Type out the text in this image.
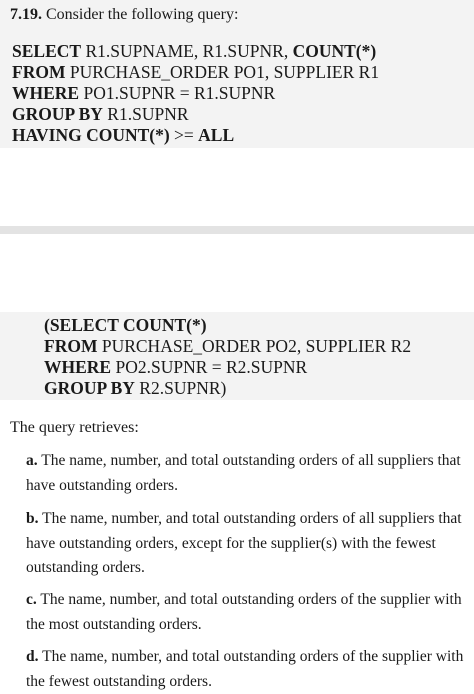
7.19. Consider the following query:
SELECT R1.SUPNAME, R1.SUPNR, COUNT(*)
FROM PURCHASE_ORDER PO1, SUPPLIER R1
WHERE PO1.SUPNR = R1.SUPNR
GROUP BY R1.SUPNR
HAVING COUNT(*) >= ALL
(SELECT COUNT(*)
FROM PURCHASE_ORDER PO2, SUPPLIER R2
WHERE PO2.SUPNR = R2.SUPNR
GROUP BY R2.SUPNR)
The query retrieves:
a. The name, number, and total outstanding orders of all suppliers that have outstanding orders.
b. The name, number, and total outstanding orders of all suppliers that have outstanding orders, except for the supplier(s) with the fewest outstanding orders.
c. The name, number, and total outstanding orders of the supplier with the most outstanding orders.
d. The name, number, and total outstanding orders of the supplier with the fewest outstanding orders.
